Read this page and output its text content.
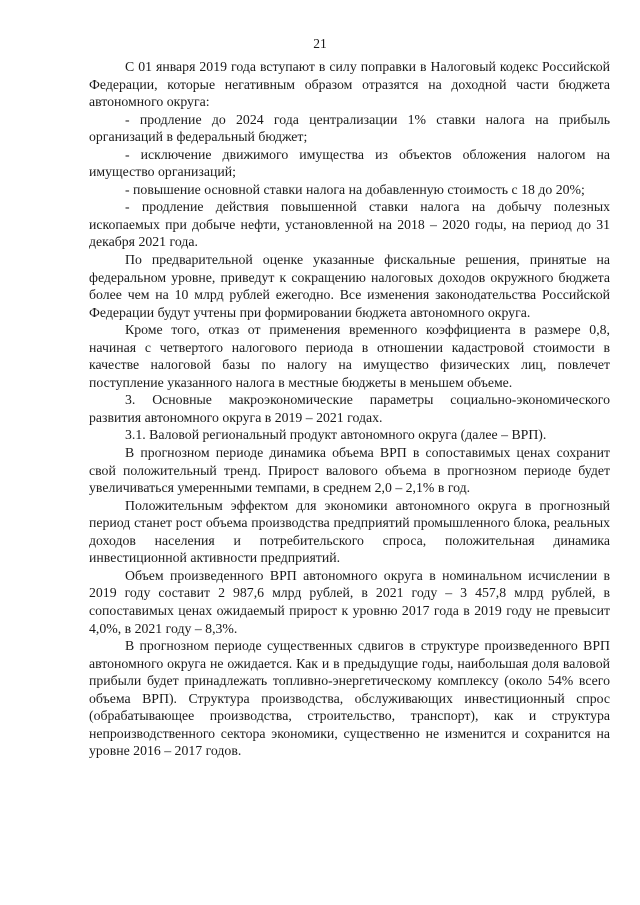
21

С 01 января 2019 года вступают в силу поправки в Налоговый кодекс Российской Федерации, которые негативным образом отразятся на доходной части бюджета автономного округа:

- продление до 2024 года централизации 1% ставки налога на прибыль организаций в федеральный бюджет;

- исключение движимого имущества из объектов обложения налогом на имущество организаций;

- повышение основной ставки налога на добавленную стоимость с 18 до 20%;

- продление действия повышенной ставки налога на добычу полезных ископаемых при добыче нефти, установленной на 2018 – 2020 годы, на период до 31 декабря 2021 года.

По предварительной оценке указанные фискальные решения, принятые на федеральном уровне, приведут к сокращению налоговых доходов окружного бюджета более чем на 10 млрд рублей ежегодно. Все изменения законодательства Российской Федерации будут учтены при формировании бюджета автономного округа.

Кроме того, отказ от применения временного коэффициента в размере 0,8, начиная с четвертого налогового периода в отношении кадастровой стоимости в качестве налоговой базы по налогу на имущество физических лиц, повлечет поступление указанного налога в местные бюджеты в меньшем объеме.

3. Основные макроэкономические параметры социально-экономического развития автономного округа в 2019 – 2021 годах.

3.1. Валовой региональный продукт автономного округа (далее – ВРП).

В прогнозном периоде динамика объема ВРП в сопоставимых ценах сохранит свой положительный тренд. Прирост валового объема в прогнозном периоде будет увеличиваться умеренными темпами, в среднем 2,0 – 2,1% в год.

Положительным эффектом для экономики автономного округа в прогнозный период станет рост объема производства предприятий промышленного блока, реальных доходов населения и потребительского спроса, положительная динамика инвестиционной активности предприятий.

Объем произведенного ВРП автономного округа в номинальном исчислении в 2019 году составит 2 987,6 млрд рублей, в 2021 году – 3 457,8 млрд рублей, в сопоставимых ценах ожидаемый прирост к уровню 2017 года в 2019 году не превысит 4,0%, в 2021 году – 8,3%.

В прогнозном периоде существенных сдвигов в структуре произведенного ВРП автономного округа не ожидается. Как и в предыдущие годы, наибольшая доля валовой прибыли будет принадлежать топливно-энергетическому комплексу (около 54% всего объема ВРП). Структура производства, обслуживающих инвестиционный спрос (обрабатывающее производства, строительство, транспорт), как и структура непроизводственного сектора экономики, существенно не изменится и сохранится на уровне 2016 – 2017 годов.
